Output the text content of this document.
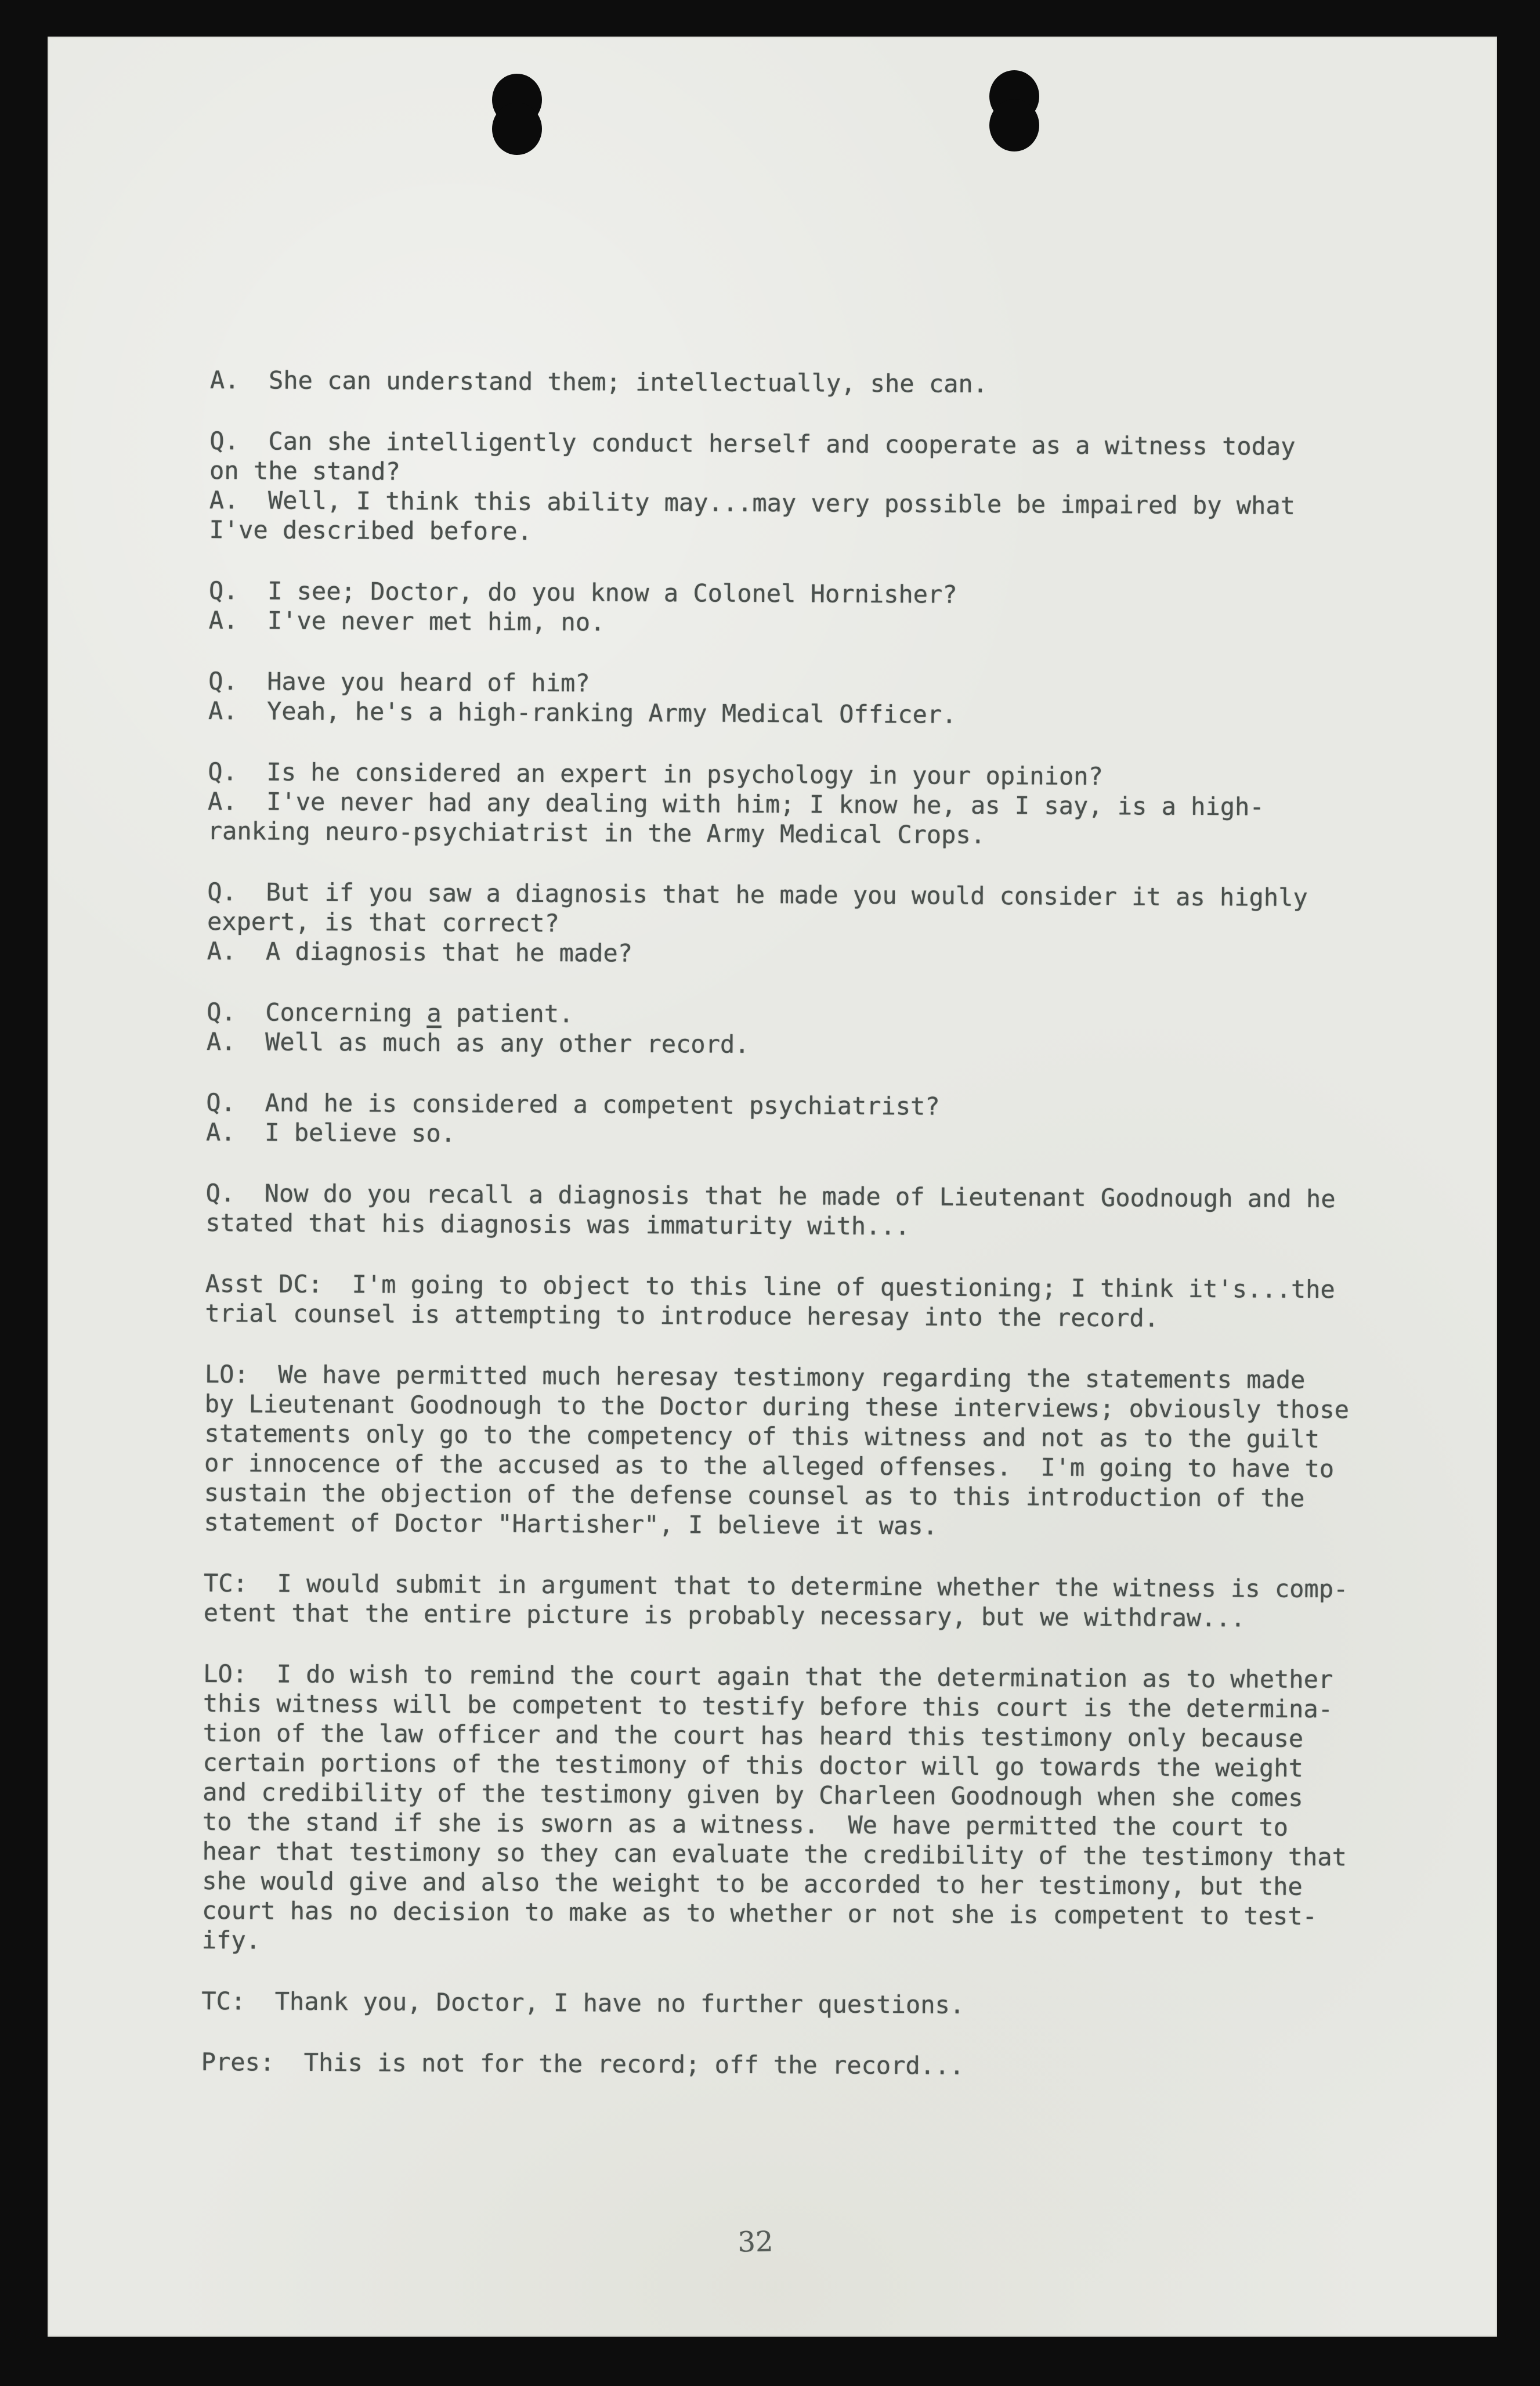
A.  She can understand them; intellectually, she can.

Q.  Can she intelligently conduct herself and cooperate as a witness today
on the stand?
A.  Well, I think this ability may...may very possible be impaired by what
I've described before.

Q.  I see; Doctor, do you know a Colonel Hornisher?
A.  I've never met him, no.

Q.  Have you heard of him?
A.  Yeah, he's a high-ranking Army Medical Officer.

Q.  Is he considered an expert in psychology in your opinion?
A.  I've never had any dealing with him; I know he, as I say, is a high-
ranking neuro-psychiatrist in the Army Medical Crops.

Q.  But if you saw a diagnosis that he made you would consider it as highly
expert, is that correct?
A.  A diagnosis that he made?

Q.  Concerning a patient.
A.  Well as much as any other record.

Q.  And he is considered a competent psychiatrist?
A.  I believe so.

Q.  Now do you recall a diagnosis that he made of Lieutenant Goodnough and he
stated that his diagnosis was immaturity with...

Asst DC:  I'm going to object to this line of questioning; I think it's...the
trial counsel is attempting to introduce heresay into the record.

LO:  We have permitted much heresay testimony regarding the statements made
by Lieutenant Goodnough to the Doctor during these interviews; obviously those
statements only go to the competency of this witness and not as to the guilt
or innocence of the accused as to the alleged offenses.  I'm going to have to
sustain the objection of the defense counsel as to this introduction of the
statement of Doctor "Hartisher", I believe it was.

TC:  I would submit in argument that to determine whether the witness is comp-
etent that the entire picture is probably necessary, but we withdraw...

LO:  I do wish to remind the court again that the determination as to whether
this witness will be competent to testify before this court is the determina-
tion of the law officer and the court has heard this testimony only because
certain portions of the testimony of this doctor will go towards the weight
and credibility of the testimony given by Charleen Goodnough when she comes
to the stand if she is sworn as a witness.  We have permitted the court to
hear that testimony so they can evaluate the credibility of the testimony that
she would give and also the weight to be accorded to her testimony, but the
court has no decision to make as to whether or not she is competent to test-
ify.

TC:  Thank you, Doctor, I have no further questions.

Pres:  This is not for the record; off the record...

32
